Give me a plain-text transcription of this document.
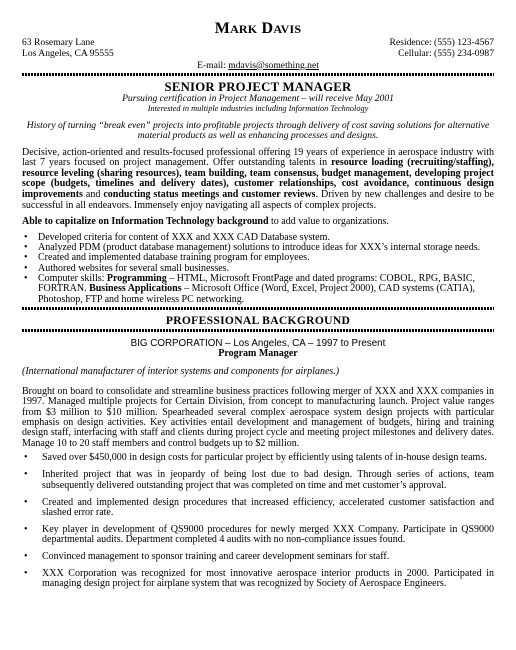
MARK DAVIS
63 Rosemary Lane	Residence: (555) 123-4567
Los Angeles, CA 95555	Cellular: (555) 234-0987
E-mail: mdavis@something.net
SENIOR PROJECT MANAGER
Pursuing certification in Project Management – will receive May 2001
Interested in multiple industries including Information Technology
History of turning “break even” projects into profitable projects through delivery of cost saving solutions for alternative material products as well as enhancing processes and designs.
Decisive, action-oriented and results-focused professional offering 19 years of experience in aerospace industry with last 7 years focused on project management. Offer outstanding talents in resource loading (recruiting/staffing), resource leveling (sharing resources), team building, team consensus, budget management, developing project scope (budgets, timelines and delivery dates), customer relationships, cost avoidance, continuous design improvements and conducting status meetings and customer reviews. Driven by new challenges and desire to be successful in all endeavors. Immensely enjoy navigating all aspects of complex projects.
Able to capitalize on Information Technology background to add value to organizations.
• Developed criteria for content of XXX and XXX CAD Database system.
• Analyzed PDM (product database management) solutions to introduce ideas for XXX’s internal storage needs.
• Created and implemented database training program for employees.
• Authored websites for several small businesses.
• Computer skills: Programming – HTML, Microsoft FrontPage and dated programs: COBOL, RPG, BASIC, FORTRAN. Business Applications – Microsoft Office (Word, Excel, Project 2000), CAD systems (CATIA), Photoshop, FTP and home wireless PC networking.
PROFESSIONAL BACKGROUND
BIG CORPORATION – Los Angeles, CA – 1997 to Present
Program Manager
(International manufacturer of interior systems and components for airplanes.)
Brought on board to consolidate and streamline business practices following merger of XXX and XXX companies in 1997. Managed multiple projects for Certain Division, from concept to manufacturing launch. Project value ranges from $3 million to $10 million. Spearheaded several complex aerospace system design projects with particular emphasis on design activities. Key activities entail development and management of budgets, hiring and training design staff, interfacing with staff and clients during project cycle and meeting project milestones and delivery dates. Manage 10 to 20 staff members and control budgets up to $2 million.
• Saved over $450,000 in design costs for particular project by efficiently using talents of in-house design teams.
• Inherited project that was in jeopardy of being lost due to bad design. Through series of actions, team subsequently delivered outstanding project that was completed on time and met customer’s approval.
• Created and implemented design procedures that increased efficiency, accelerated customer satisfaction and slashed error rate.
• Key player in development of QS9000 procedures for newly merged XXX Company. Participate in QS9000 departmental audits. Department completed 4 audits with no non-compliance issues found.
• Convinced management to sponsor training and career development seminars for staff.
• XXX Corporation was recognized for most innovative aerospace interior products in 2000. Participated in managing design project for airplane system that was recognized by Society of Aerospace Engineers.
